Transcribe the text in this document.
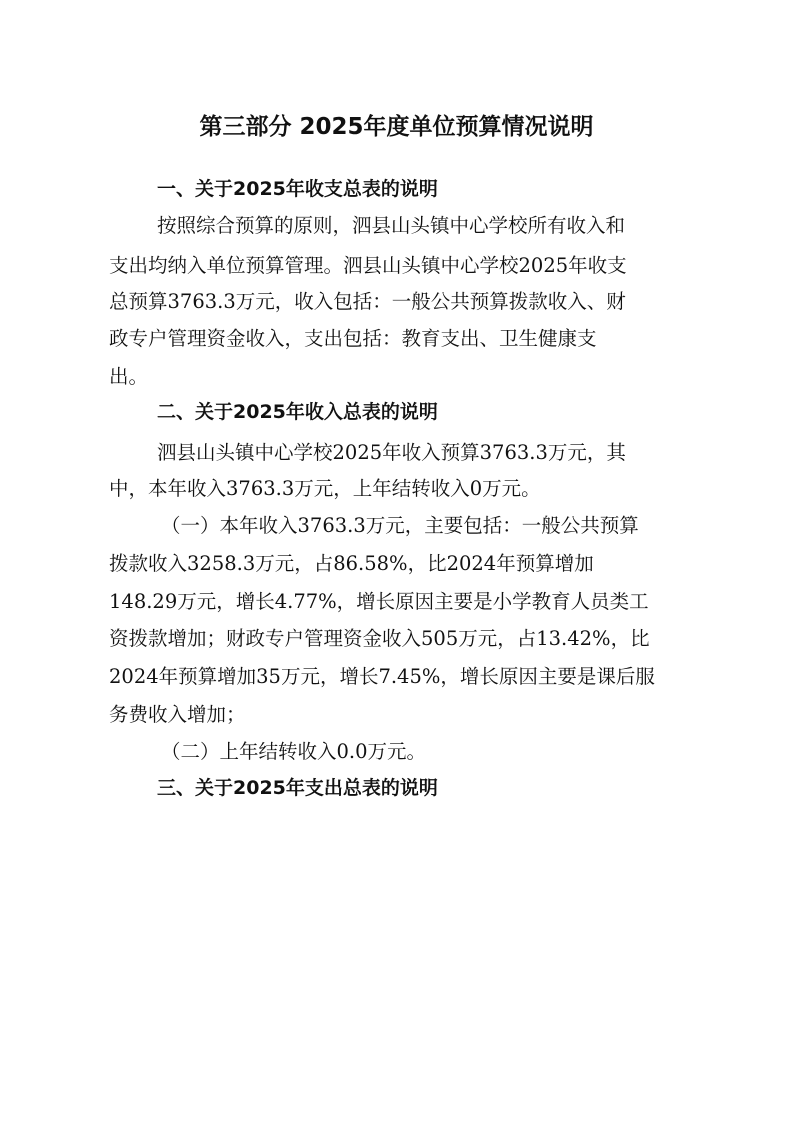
第三部分 2025年度单位预算情况说明
一、关于2025年收支总表的说明
按照综合预算的原则，泗县山头镇中心学校所有收入和
支出均纳入单位预算管理。泗县山头镇中心学校2025年收支
总预算3763.3万元，收入包括：一般公共预算拨款收入、财
政专户管理资金收入，支出包括：教育支出、卫生健康支
出。
二、关于2025年收入总表的说明
泗县山头镇中心学校2025年收入预算3763.3万元，其
中，本年收入3763.3万元，上年结转收入0万元。
（一）本年收入3763.3万元，主要包括：一般公共预算
拨款收入3258.3万元，占86.58%，比2024年预算增加
148.29万元，增长4.77%，增长原因主要是小学教育人员类工
资拨款增加；财政专户管理资金收入505万元，占13.42%，比
2024年预算增加35万元，增长7.45%，增长原因主要是课后服
务费收入增加；
（二）上年结转收入0.0万元。
三、关于2025年支出总表的说明
